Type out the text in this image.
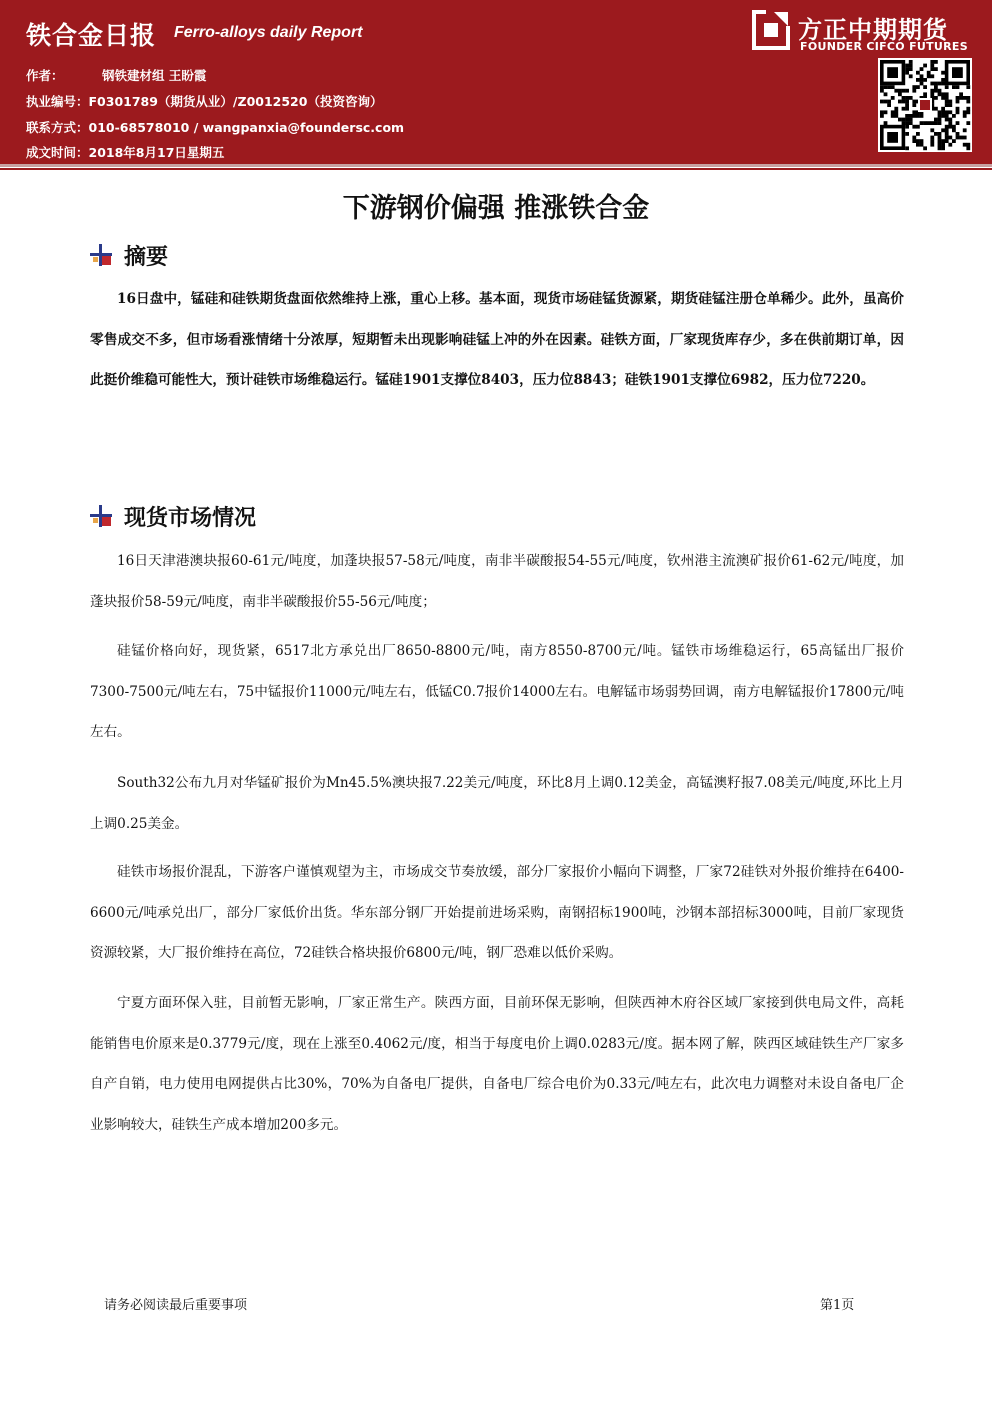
铁合金日报 Ferro-alloys daily Report
作者：	钢铁建材组 王盼霞
执业编号：F0301789（期货从业）/Z0012520（投资咨询）
联系方式：010-68578010 / wangpanxia@foundersc.com
成文时间：2018年8月17日星期五
方正中期期货
FOUNDER CIFCO FUTURES
下游钢价偏强 推涨铁合金
摘要

16日盘中，锰硅和硅铁期货盘面依然维持上涨，重心上移。基本面，现货市场硅锰货源紧，期货硅锰注册仓单稀少。此外，虽高价零售成交不多，但市场看涨情绪十分浓厚，短期暂未出现影响硅锰上冲的外在因素。硅铁方面，厂家现货库存少，多在供前期订单，因此挺价维稳可能性大，预计硅铁市场维稳运行。锰硅1901支撑位8403，压力位8843；硅铁1901支撑位6982，压力位7220。

现货市场情况

16日天津港澳块报60-61元/吨度，加蓬块报57-58元/吨度，南非半碳酸报54-55元/吨度，钦州港主流澳矿报价61-62元/吨度，加蓬块报价58-59元/吨度，南非半碳酸报价55-56元/吨度；

硅锰价格向好，现货紧，6517北方承兑出厂8650-8800元/吨，南方8550-8700元/吨。锰铁市场维稳运行，65高锰出厂报价7300-7500元/吨左右，75中锰报价11000元/吨左右，低锰C0.7报价14000左右。电解锰市场弱势回调，南方电解锰报价17800元/吨左右。

South32公布九月对华锰矿报价为Mn45.5%澳块报7.22美元/吨度，环比8月上调0.12美金，高锰澳籽报7.08美元/吨度,环比上月上调0.25美金。

硅铁市场报价混乱，下游客户谨慎观望为主，市场成交节奏放缓，部分厂家报价小幅向下调整，厂家72硅铁对外报价维持在6400-6600元/吨承兑出厂，部分厂家低价出货。华东部分钢厂开始提前进场采购，南钢招标1900吨，沙钢本部招标3000吨，目前厂家现货资源较紧，大厂报价维持在高位，72硅铁合格块报价6800元/吨，钢厂恐难以低价采购。

宁夏方面环保入驻，目前暂无影响，厂家正常生产。陕西方面，目前环保无影响，但陕西神木府谷区域厂家接到供电局文件，高耗能销售电价原来是0.3779元/度，现在上涨至0.4062元/度，相当于每度电价上调0.0283元/度。据本网了解，陕西区域硅铁生产厂家多自产自销，电力使用电网提供占比30%，70%为自备电厂提供，自备电厂综合电价为0.33元/吨左右，此次电力调整对未设自备电厂企业影响较大，硅铁生产成本增加200多元。

请务必阅读最后重要事项	第1页
